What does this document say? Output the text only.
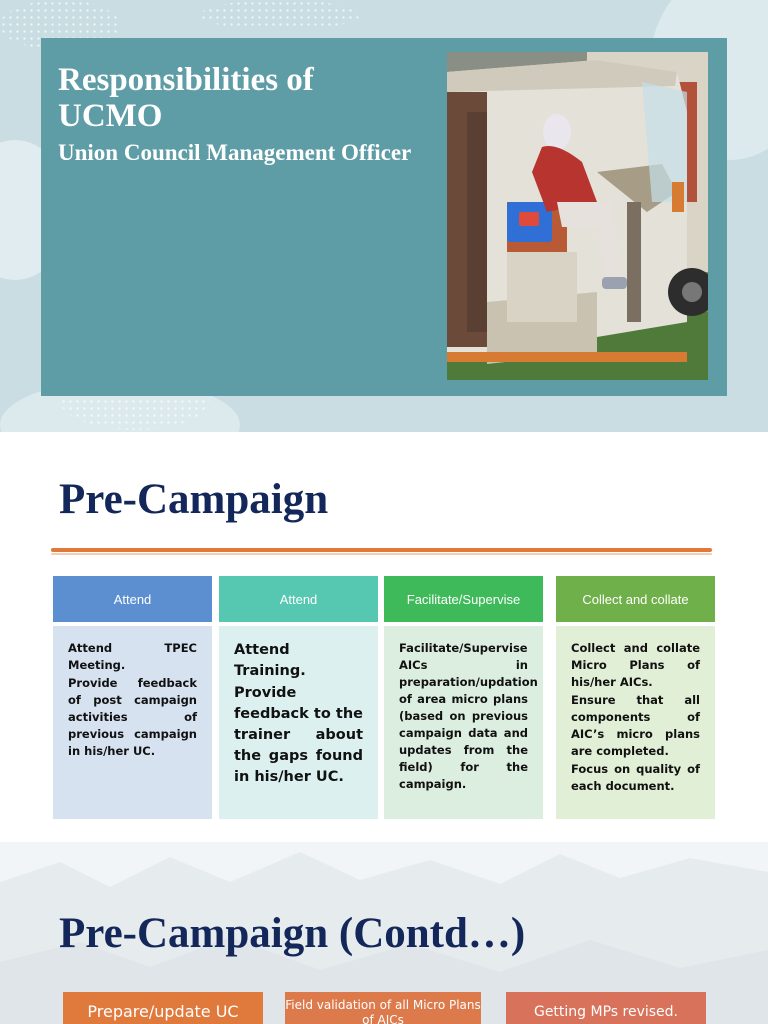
Responsibilities of UCMO
Union Council Management Officer
Pre-Campaign
Attend

Attend TPEC Meeting.

Provide feedback of post campaign activities of previous campaign in his/her UC.

Attend

Attend Training.

Provide feedback to the trainer about the gaps found in his/her UC.

Facilitate/Supervise

Facilitate/Supervise AICs in preparation/updation of area micro plans (based on previous campaign data and updates from the field) for the campaign.

Collect and collate

Collect and collate Micro Plans of his/her AICs.

Ensure that all components of AIC’s micro plans are completed.

Focus on quality of each document.

Pre-Campaign (Contd…)
Prepare/update UC	Field validation of all Micro Plans of AICs	Getting MPs revised.
